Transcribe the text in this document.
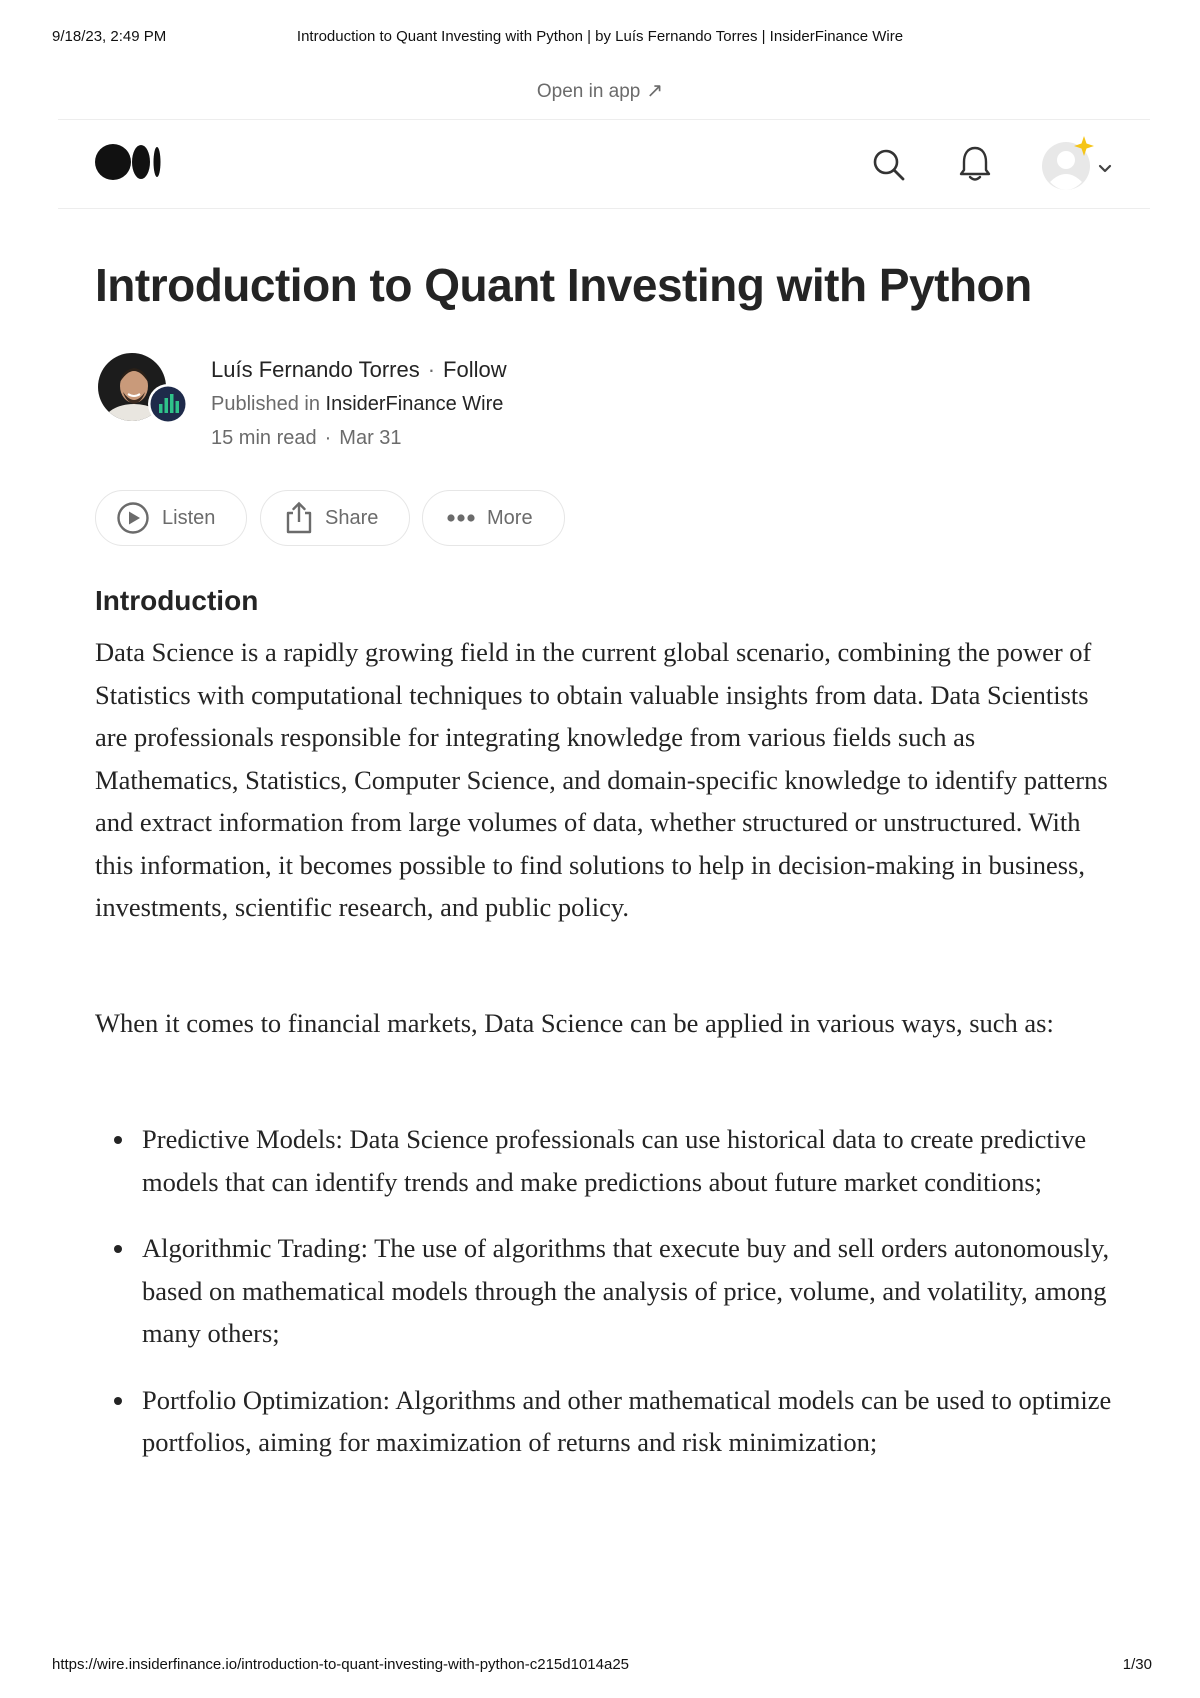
9/18/23, 2:49 PM	Introduction to Quant Investing with Python | by Luís Fernando Torres | InsiderFinance Wire
Open in app ↗
Introduction to Quant Investing with Python
Luís Fernando Torres · Follow
Published in InsiderFinance Wire
15 min read · Mar 31
Listen	Share	More
Introduction

Data Science is a rapidly growing field in the current global scenario, combining the power of Statistics with computational techniques to obtain valuable insights from data. Data Scientists are professionals responsible for integrating knowledge from various fields such as Mathematics, Statistics, Computer Science, and domain-specific knowledge to identify patterns and extract information from large volumes of data, whether structured or unstructured. With this information, it becomes possible to find solutions to help in decision-making in business, investments, scientific research, and public policy.

When it comes to financial markets, Data Science can be applied in various ways, such as:

Predictive Models: Data Science professionals can use historical data to create predictive models that can identify trends and make predictions about future market conditions;
Algorithmic Trading: The use of algorithms that execute buy and sell orders autonomously, based on mathematical models through the analysis of price, volume, and volatility, among many others;
Portfolio Optimization: Algorithms and other mathematical models can be used to optimize portfolios, aiming for maximization of returns and risk minimization;
https://wire.insiderfinance.io/introduction-to-quant-investing-with-python-c215d1014a25	1/30
